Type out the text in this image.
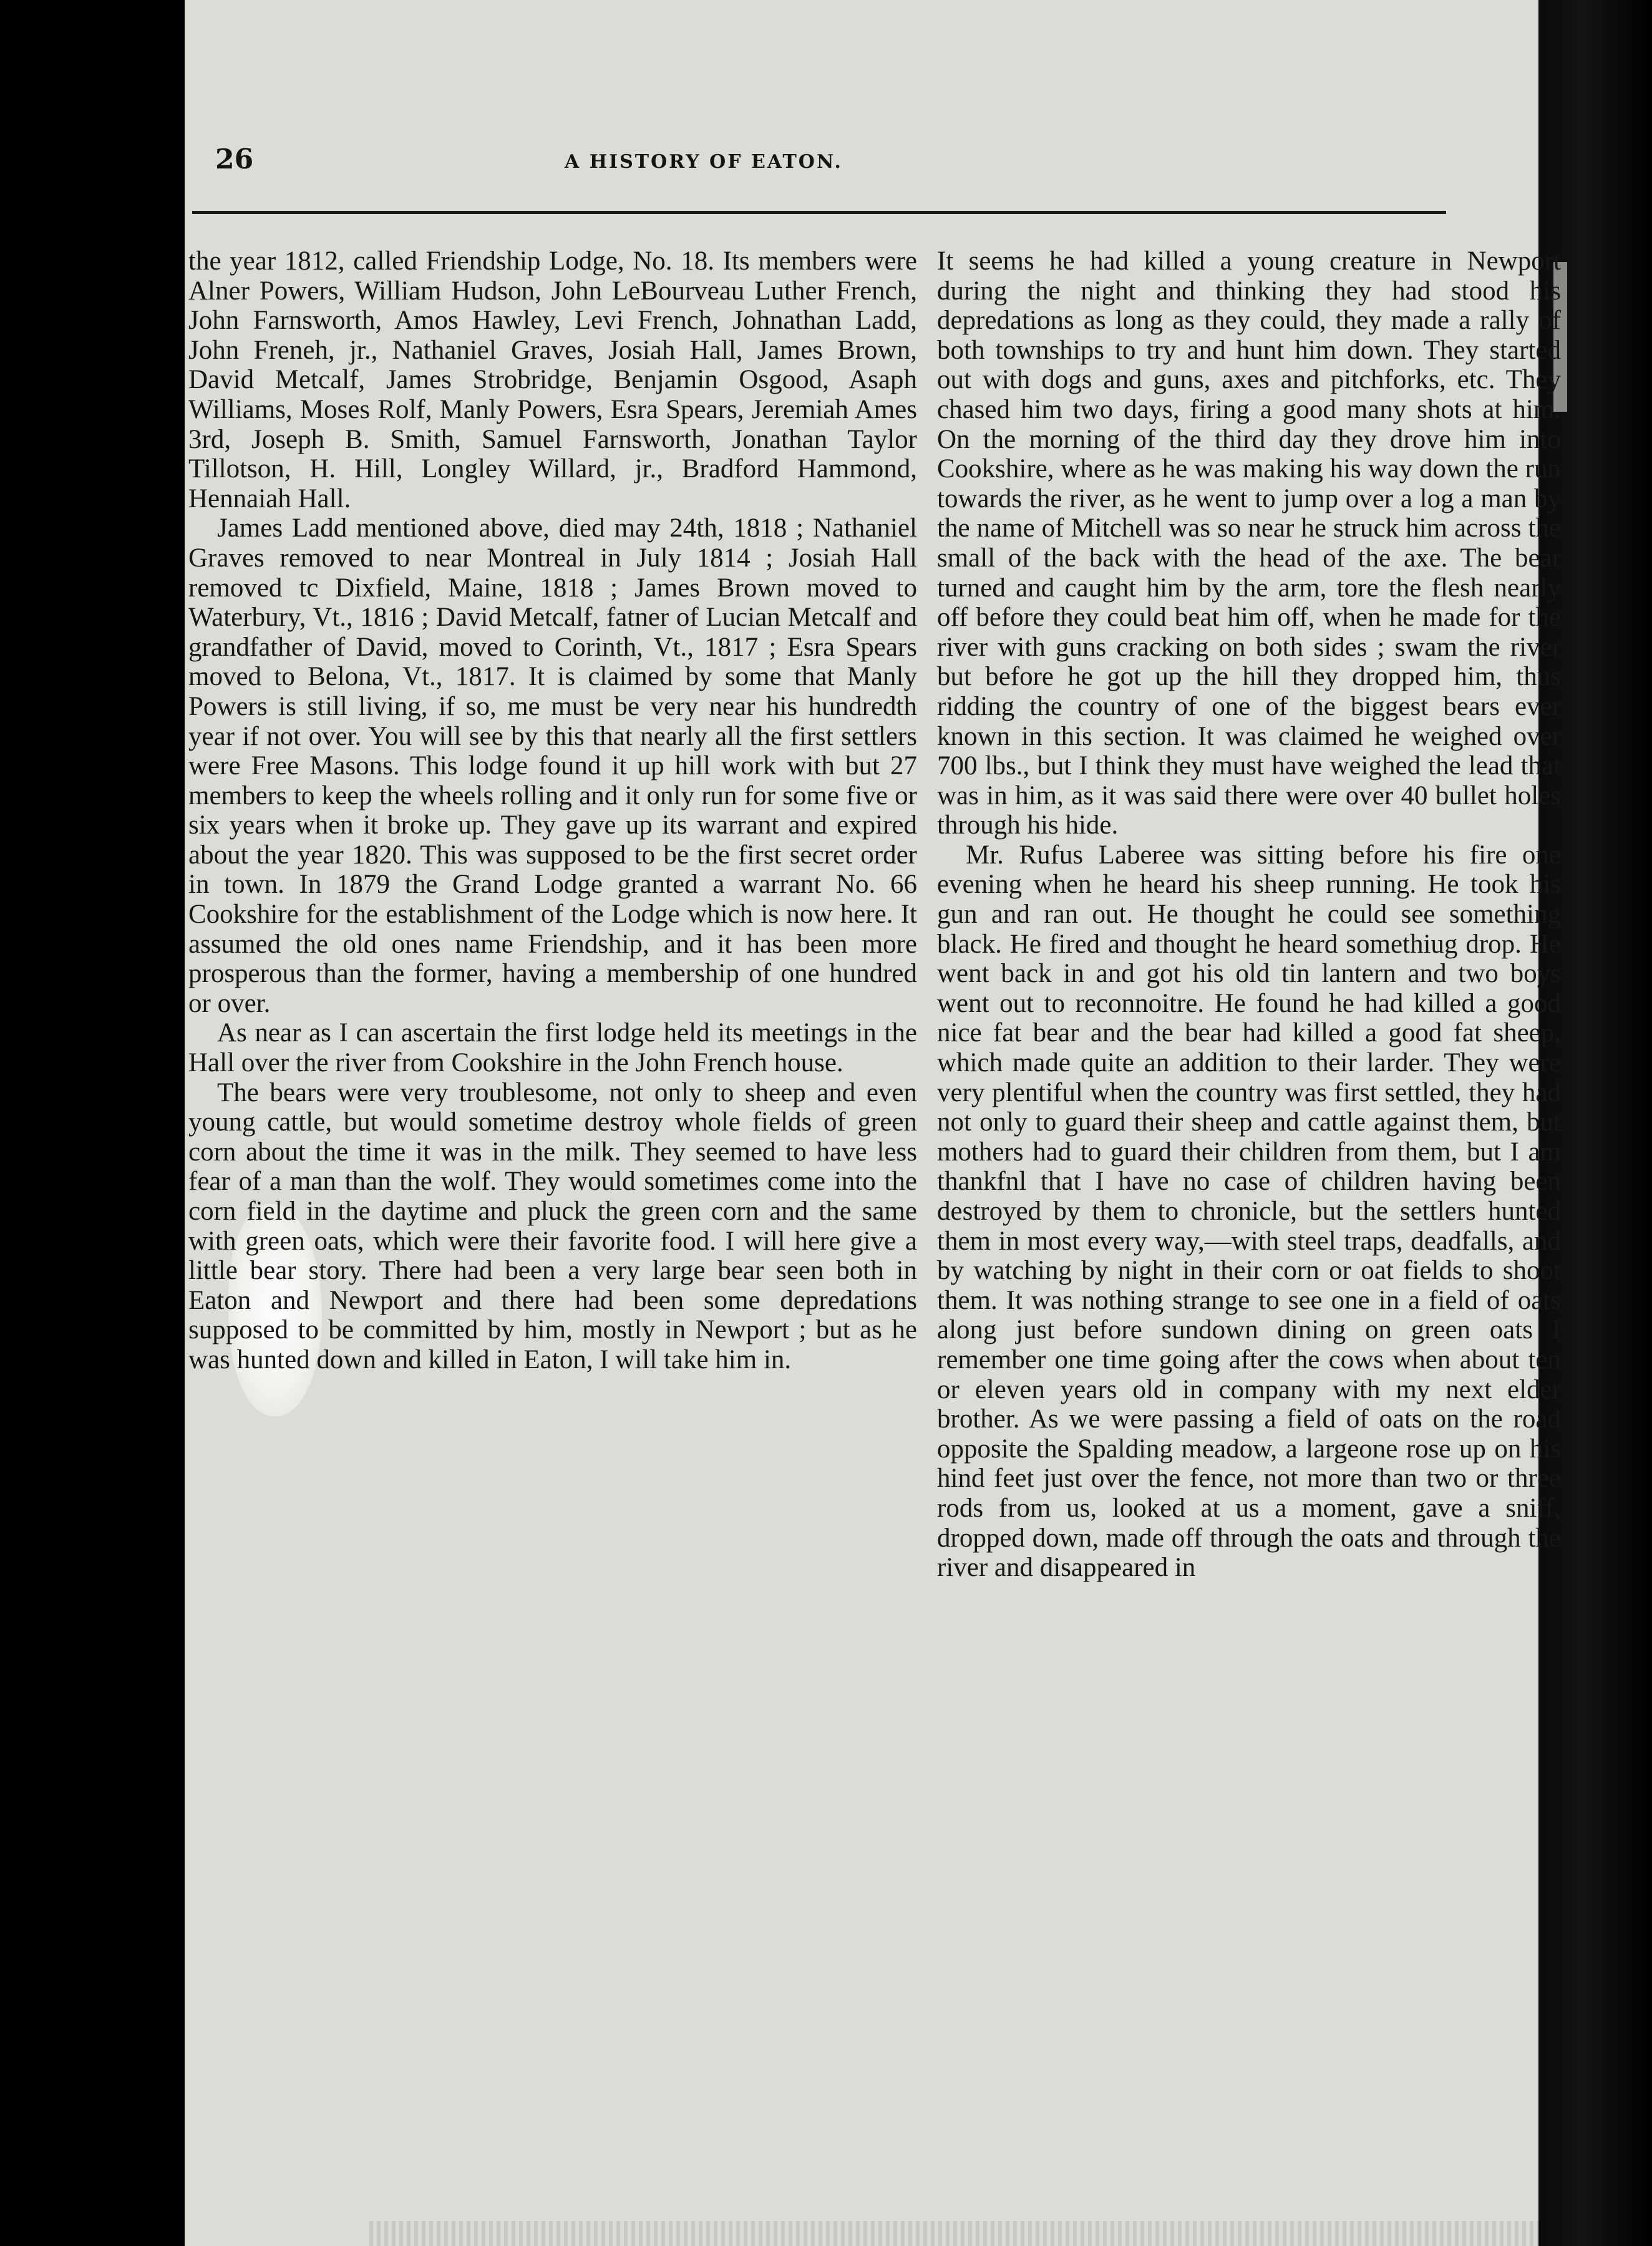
26	A HISTORY OF EATON.

the year 1812, called Friendship Lodge, No. 18. Its members were Alner Powers, William Hudson, John LeBourveau Luther French, John Farnsworth, Amos Hawley, Levi French, Johnathan Ladd, John Freneh, jr., Nathaniel Graves, Josiah Hall, James Brown, David Metcalf, James Strobridge, Benjamin Osgood, Asaph Williams, Moses Rolf, Manly Powers, Esra Spears, Jeremiah Ames 3rd, Joseph B. Smith, Samuel Farnsworth, Jonathan Taylor Tillotson, H. Hill, Longley Willard, jr., Bradford Hammond, Hennaiah Hall.

James Ladd mentioned above, died may 24th, 1818 ; Nathaniel Graves removed to near Montreal in July 1814 ; Josiah Hall removed tc Dixfield, Maine, 1818 ; James Brown moved to Waterbury, Vt., 1816 ; David Metcalf, fatner of Lucian Metcalf and grandfather of David, moved to Corinth, Vt., 1817 ; Esra Spears moved to Belona, Vt., 1817. It is claimed by some that Manly Powers is still living, if so, me must be very near his hundredth year if not over. You will see by this that nearly all the first settlers were Free Masons. This lodge found it up hill work with but 27 members to keep the wheels rolling and it only run for some five or six years when it broke up. They gave up its warrant and expired about the year 1820. This was supposed to be the first secret order in town. In 1879 the Grand Lodge granted a warrant No. 66 Cookshire for the establishment of the Lodge which is now here. It assumed the old ones name Friendship, and it has been more prosperous than the former, having a membership of one hundred or over.

As near as I can ascertain the first lodge held its meetings in the Hall over the river from Cookshire in the John French house.

The bears were very troublesome, not only to sheep and even young cattle, but would sometime destroy whole fields of green corn about the time it was in the milk. They seemed to have less fear of a man than the wolf. They would sometimes come into the corn field in the daytime and pluck the green corn and the same with green oats, which were their favorite food. I will here give a little bear story. There had been a very large bear seen both in Eaton and Newport and there had been some depredations supposed to be committed by him, mostly in Newport ; but as he was hunted down and killed in Eaton, I will take him in.

It seems he had killed a young creature in Newport during the night and thinking they had stood his depredations as long as they could, they made a rally of both townships to try and hunt him down. They started out with dogs and guns, axes and pitchforks, etc. They chased him two days, firing a good many shots at him. On the morning of the third day they drove him into Cookshire, where as he was making his way down the run towards the river, as he went to jump over a log a man by the name of Mitchell was so near he struck him across the small of the back with the head of the axe. The bear turned and caught him by the arm, tore the flesh nearly off before they could beat him off, when he made for the river with guns cracking on both sides ; swam the river but before he got up the hill they dropped him, thus ridding the country of one of the biggest bears ever known in this section. It was claimed he weighed over 700 lbs., but I think they must have weighed the lead that was in him, as it was said there were over 40 bullet holes through his hide.

Mr. Rufus Laberee was sitting before his fire one evening when he heard his sheep running. He took his gun and ran out. He thought he could see something black. He fired and thought he heard somethiug drop. He went back in and got his old tin lantern and two boys went out to reconnoitre. He found he had killed a good nice fat bear and the bear had killed a good fat sheep, which made quite an addition to their larder. They were very plentiful when the country was first settled, they had not only to guard their sheep and cattle against them, but mothers had to guard their children from them, but I am thankfnl that I have no case of children having been destroyed by them to chronicle, but the settlers hunted them in most every way,—with steel traps, deadfalls, and by watching by night in their corn or oat fields to shoot them. It was nothing strange to see one in a field of oats along just before sundown dining on green oats I remember one time going after the cows when about ten or eleven years old in company with my next elder brother. As we were passing a field of oats on the road opposite the Spalding meadow, a largeone rose up on his hind feet just over the fence, not more than two or three rods from us, looked at us a moment, gave a sniff, dropped down, made off through the oats and through the river and disappeared in
